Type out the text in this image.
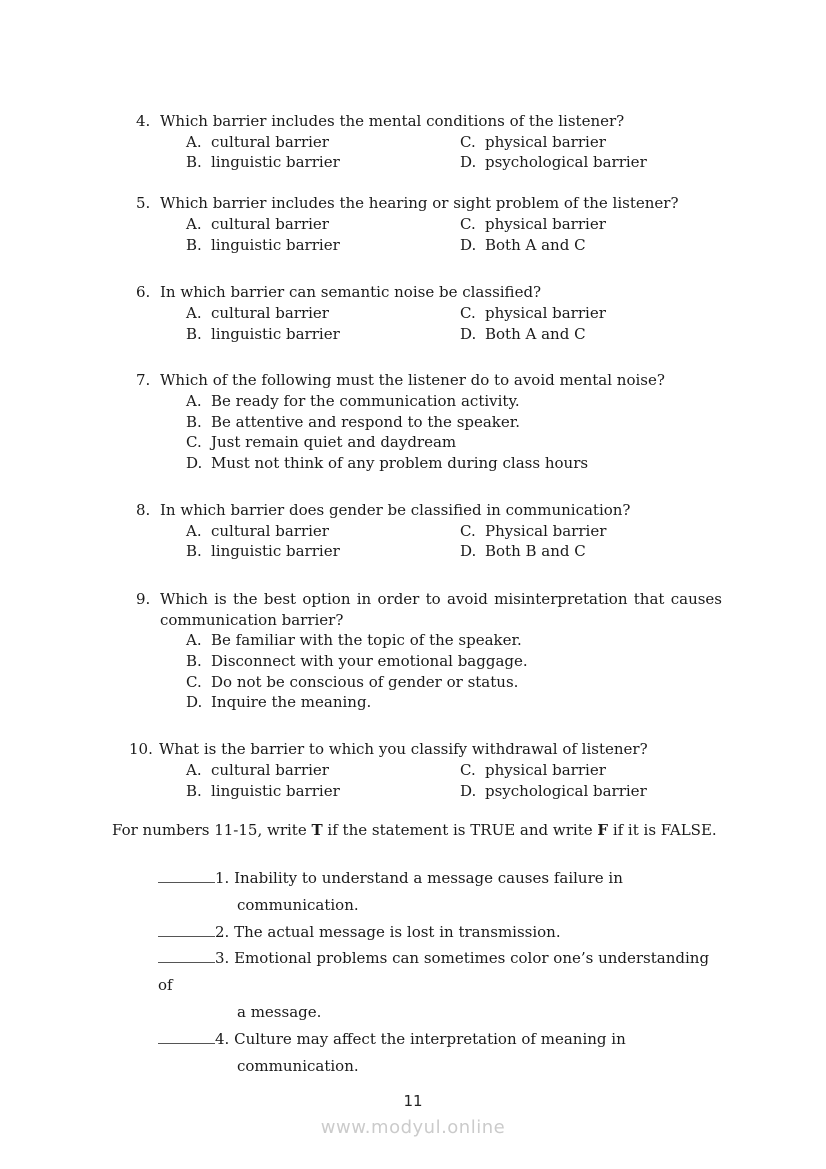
4. Which barrier includes the mental conditions of the listener?
A. cultural barrier	C. physical barrier
B. linguistic barrier	D. psychological barrier
5. Which barrier includes the hearing or sight problem of the listener?
A. cultural barrier	C. physical barrier
B. linguistic barrier	D. Both A and C
6. In which barrier can semantic noise be classified?
A. cultural barrier	C. physical barrier
B. linguistic barrier	D. Both A and C
7. Which of the following must the listener do to avoid mental noise?
A. Be ready for the communication activity.
B. Be attentive and respond to the speaker.
C. Just remain quiet and daydream
D. Must not think of any problem during class hours
8. In which barrier does gender be classified in communication?
A. cultural barrier	C. Physical barrier
B. linguistic barrier	D. Both B and C
9. Which is the best option in order to avoid misinterpretation that causes
communication barrier?
A. Be familiar with the topic of the speaker.
B. Disconnect with your emotional baggage.
C. Do not be conscious of gender or status.
D. Inquire the meaning.
10. What is the barrier to which you classify withdrawal of listener?
A. cultural barrier	C. physical barrier
B. linguistic barrier	D. psychological barrier
For numbers 11-15, write T if the statement is TRUE and write F if it is FALSE.
1. Inability to understand a message causes failure in
communication.
2. The actual message is lost in transmission.
3. Emotional problems can sometimes color one’s understanding of
a message.
4. Culture may affect the interpretation of meaning in
communication.
11
www.modyul.online
